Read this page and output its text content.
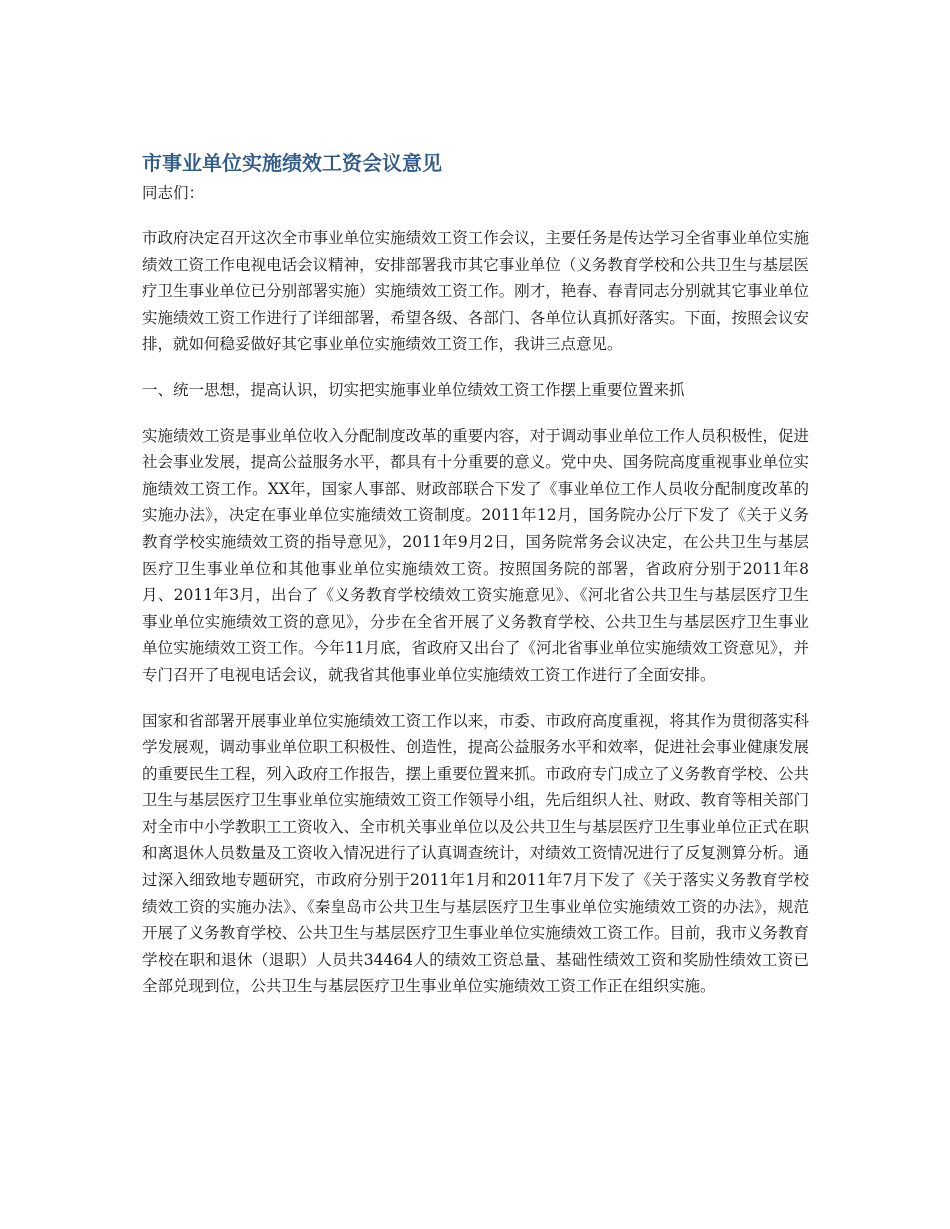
市事业单位实施绩效工资会议意见
同志们：

市政府决定召开这次全市事业单位实施绩效工资工作会议，主要任务是传达学习全省事业单位实施绩效工资工作电视电话会议精神，安排部署我市其它事业单位（义务教育学校和公共卫生与基层医疗卫生事业单位已分别部署实施）实施绩效工资工作。刚才，艳春、春青同志分别就其它事业单位实施绩效工资工作进行了详细部署，希望各级、各部门、各单位认真抓好落实。下面，按照会议安排，就如何稳妥做好其它事业单位实施绩效工资工作，我讲三点意见。

一、统一思想，提高认识，切实把实施事业单位绩效工资工作摆上重要位置来抓

实施绩效工资是事业单位收入分配制度改革的重要内容，对于调动事业单位工作人员积极性，促进社会事业发展，提高公益服务水平，都具有十分重要的意义。党中央、国务院高度重视事业单位实施绩效工资工作。XX年，国家人事部、财政部联合下发了《事业单位工作人员收分配制度改革的实施办法》，决定在事业单位实施绩效工资制度。2011年12月，国务院办公厅下发了《关于义务教育学校实施绩效工资的指导意见》，2011年9月2日，国务院常务会议决定，在公共卫生与基层医疗卫生事业单位和其他事业单位实施绩效工资。按照国务院的部署，省政府分别于2011年8月、2011年3月，出台了《义务教育学校绩效工资实施意见》、《河北省公共卫生与基层医疗卫生事业单位实施绩效工资的意见》，分步在全省开展了义务教育学校、公共卫生与基层医疗卫生事业单位实施绩效工资工作。今年11月底，省政府又出台了《河北省事业单位实施绩效工资意见》，并专门召开了电视电话会议，就我省其他事业单位实施绩效工资工作进行了全面安排。

国家和省部署开展事业单位实施绩效工资工作以来，市委、市政府高度重视，将其作为贯彻落实科学发展观，调动事业单位职工积极性、创造性，提高公益服务水平和效率，促进社会事业健康发展的重要民生工程，列入政府工作报告，摆上重要位置来抓。市政府专门成立了义务教育学校、公共卫生与基层医疗卫生事业单位实施绩效工资工作领导小组，先后组织人社、财政、教育等相关部门对全市中小学教职工工资收入、全市机关事业单位以及公共卫生与基层医疗卫生事业单位正式在职和离退休人员数量及工资收入情况进行了认真调查统计，对绩效工资情况进行了反复测算分析。通过深入细致地专题研究，市政府分别于2011年1月和2011年7月下发了《关于落实义务教育学校绩效工资的实施办法》、《秦皇岛市公共卫生与基层医疗卫生事业单位实施绩效工资的办法》，规范开展了义务教育学校、公共卫生与基层医疗卫生事业单位实施绩效工资工作。目前，我市义务教育学校在职和退休（退职）人员共34464人的绩效工资总量、基础性绩效工资和奖励性绩效工资已全部兑现到位，公共卫生与基层医疗卫生事业单位实施绩效工资工作正在组织实施。
